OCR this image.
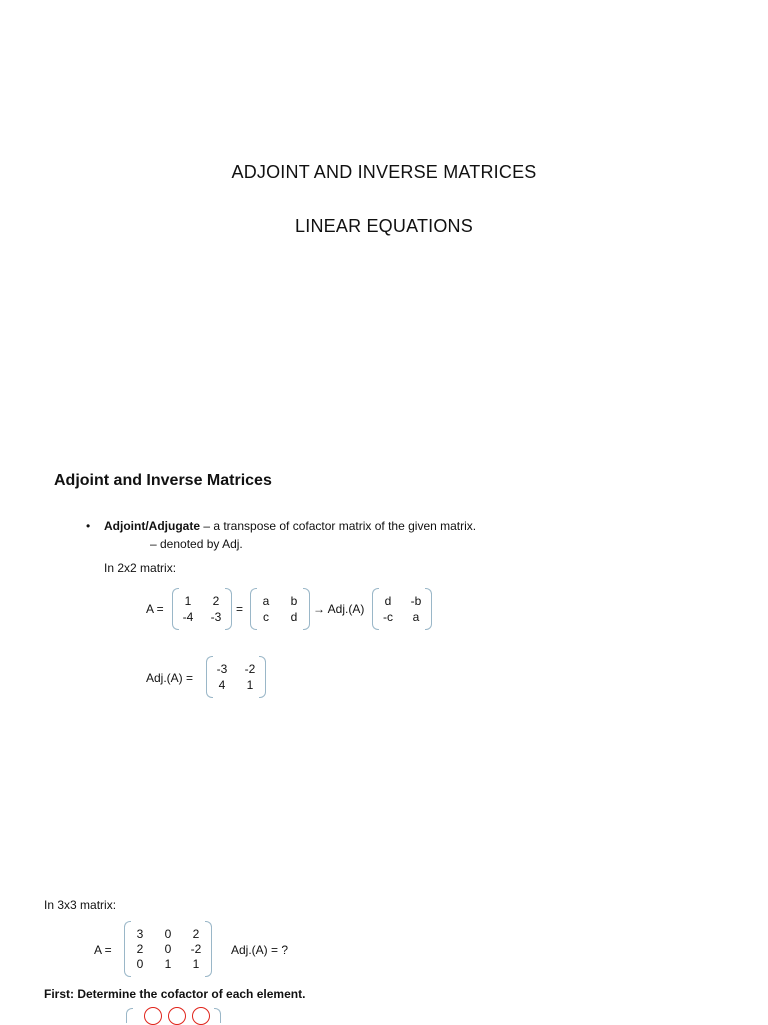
ADJOINT AND INVERSE MATRICES
LINEAR EQUATIONS
Adjoint and Inverse Matrices
• Adjoint/Adjugate – a transpose of cofactor matrix of the given matrix.
– denoted by Adj.
In 2x2 matrix:
A =
1	2
-4 -3
=
a	b
c	d
→ Adj.(A)
d	-b
-c	a
Adj.(A) =
-3 -2
4	1
In 3x3 matrix:
A =
3	0	2
2	0	-2
0	1	1
Adj.(A) = ?
First: Determine the cofactor of each element.
